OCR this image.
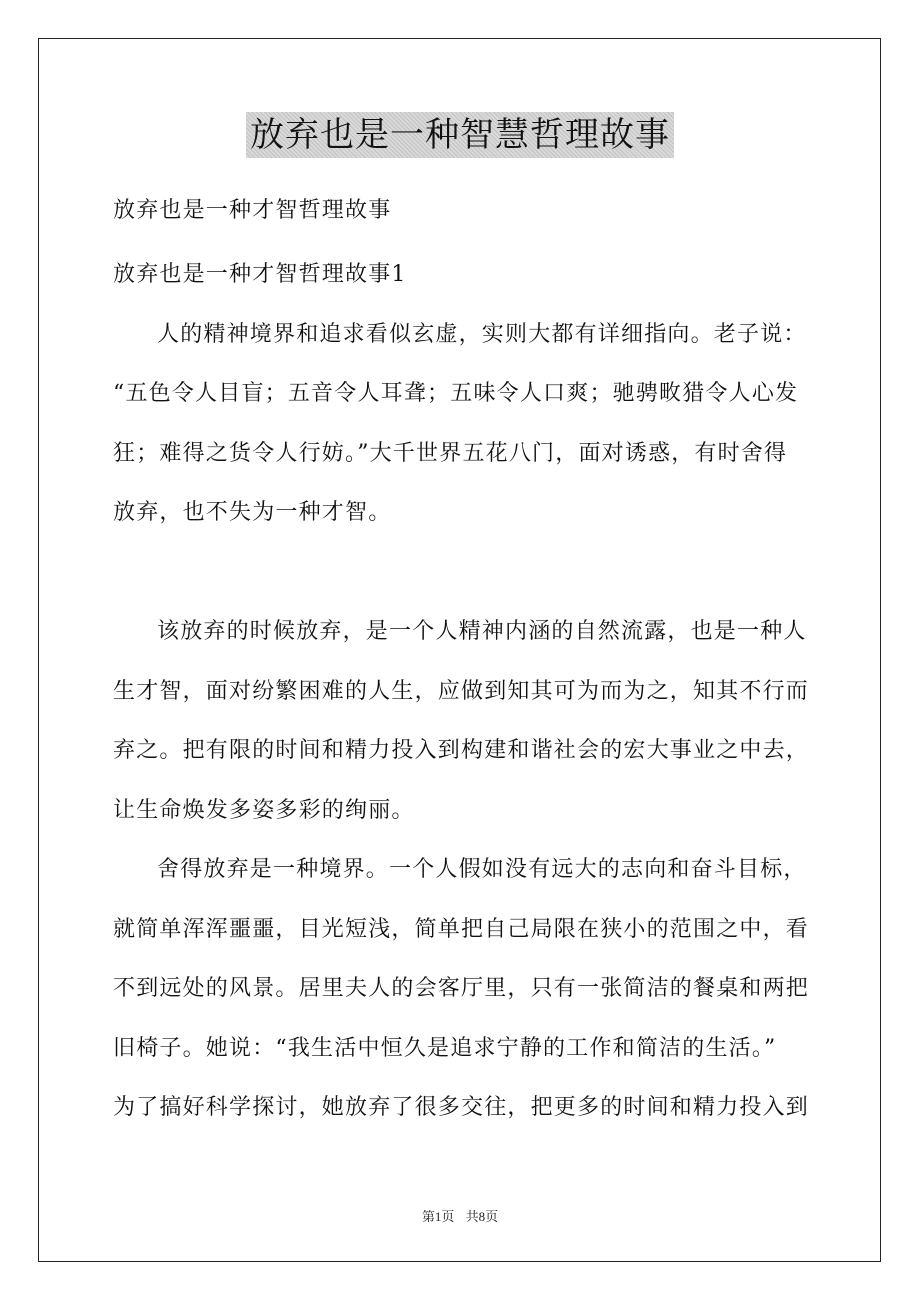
放弃也是一种智慧哲理故事
放弃也是一种才智哲理故事
放弃也是一种才智哲理故事1
人的精神境界和追求看似玄虚，实则大都有详细指向。老子说：
“五色令人目盲；五音令人耳聋；五味令人口爽；驰骋畋猎令人心发
狂；难得之货令人行妨。”大千世界五花八门，面对诱惑，有时舍得
放弃，也不失为一种才智。
该放弃的时候放弃，是一个人精神内涵的自然流露，也是一种人
生才智，面对纷繁困难的人生，应做到知其可为而为之，知其不行而
弃之。把有限的时间和精力投入到构建和谐社会的宏大事业之中去，
让生命焕发多姿多彩的绚丽。
舍得放弃是一种境界。一个人假如没有远大的志向和奋斗目标，
就简单浑浑噩噩，目光短浅，简单把自己局限在狭小的范围之中，看
不到远处的风景。居里夫人的会客厅里，只有一张简洁的餐桌和两把
旧椅子。她说：“我生活中恒久是追求宁静的工作和简洁的生活。”
为了搞好科学探讨，她放弃了很多交往，把更多的时间和精力投入到
第1页 共8页
